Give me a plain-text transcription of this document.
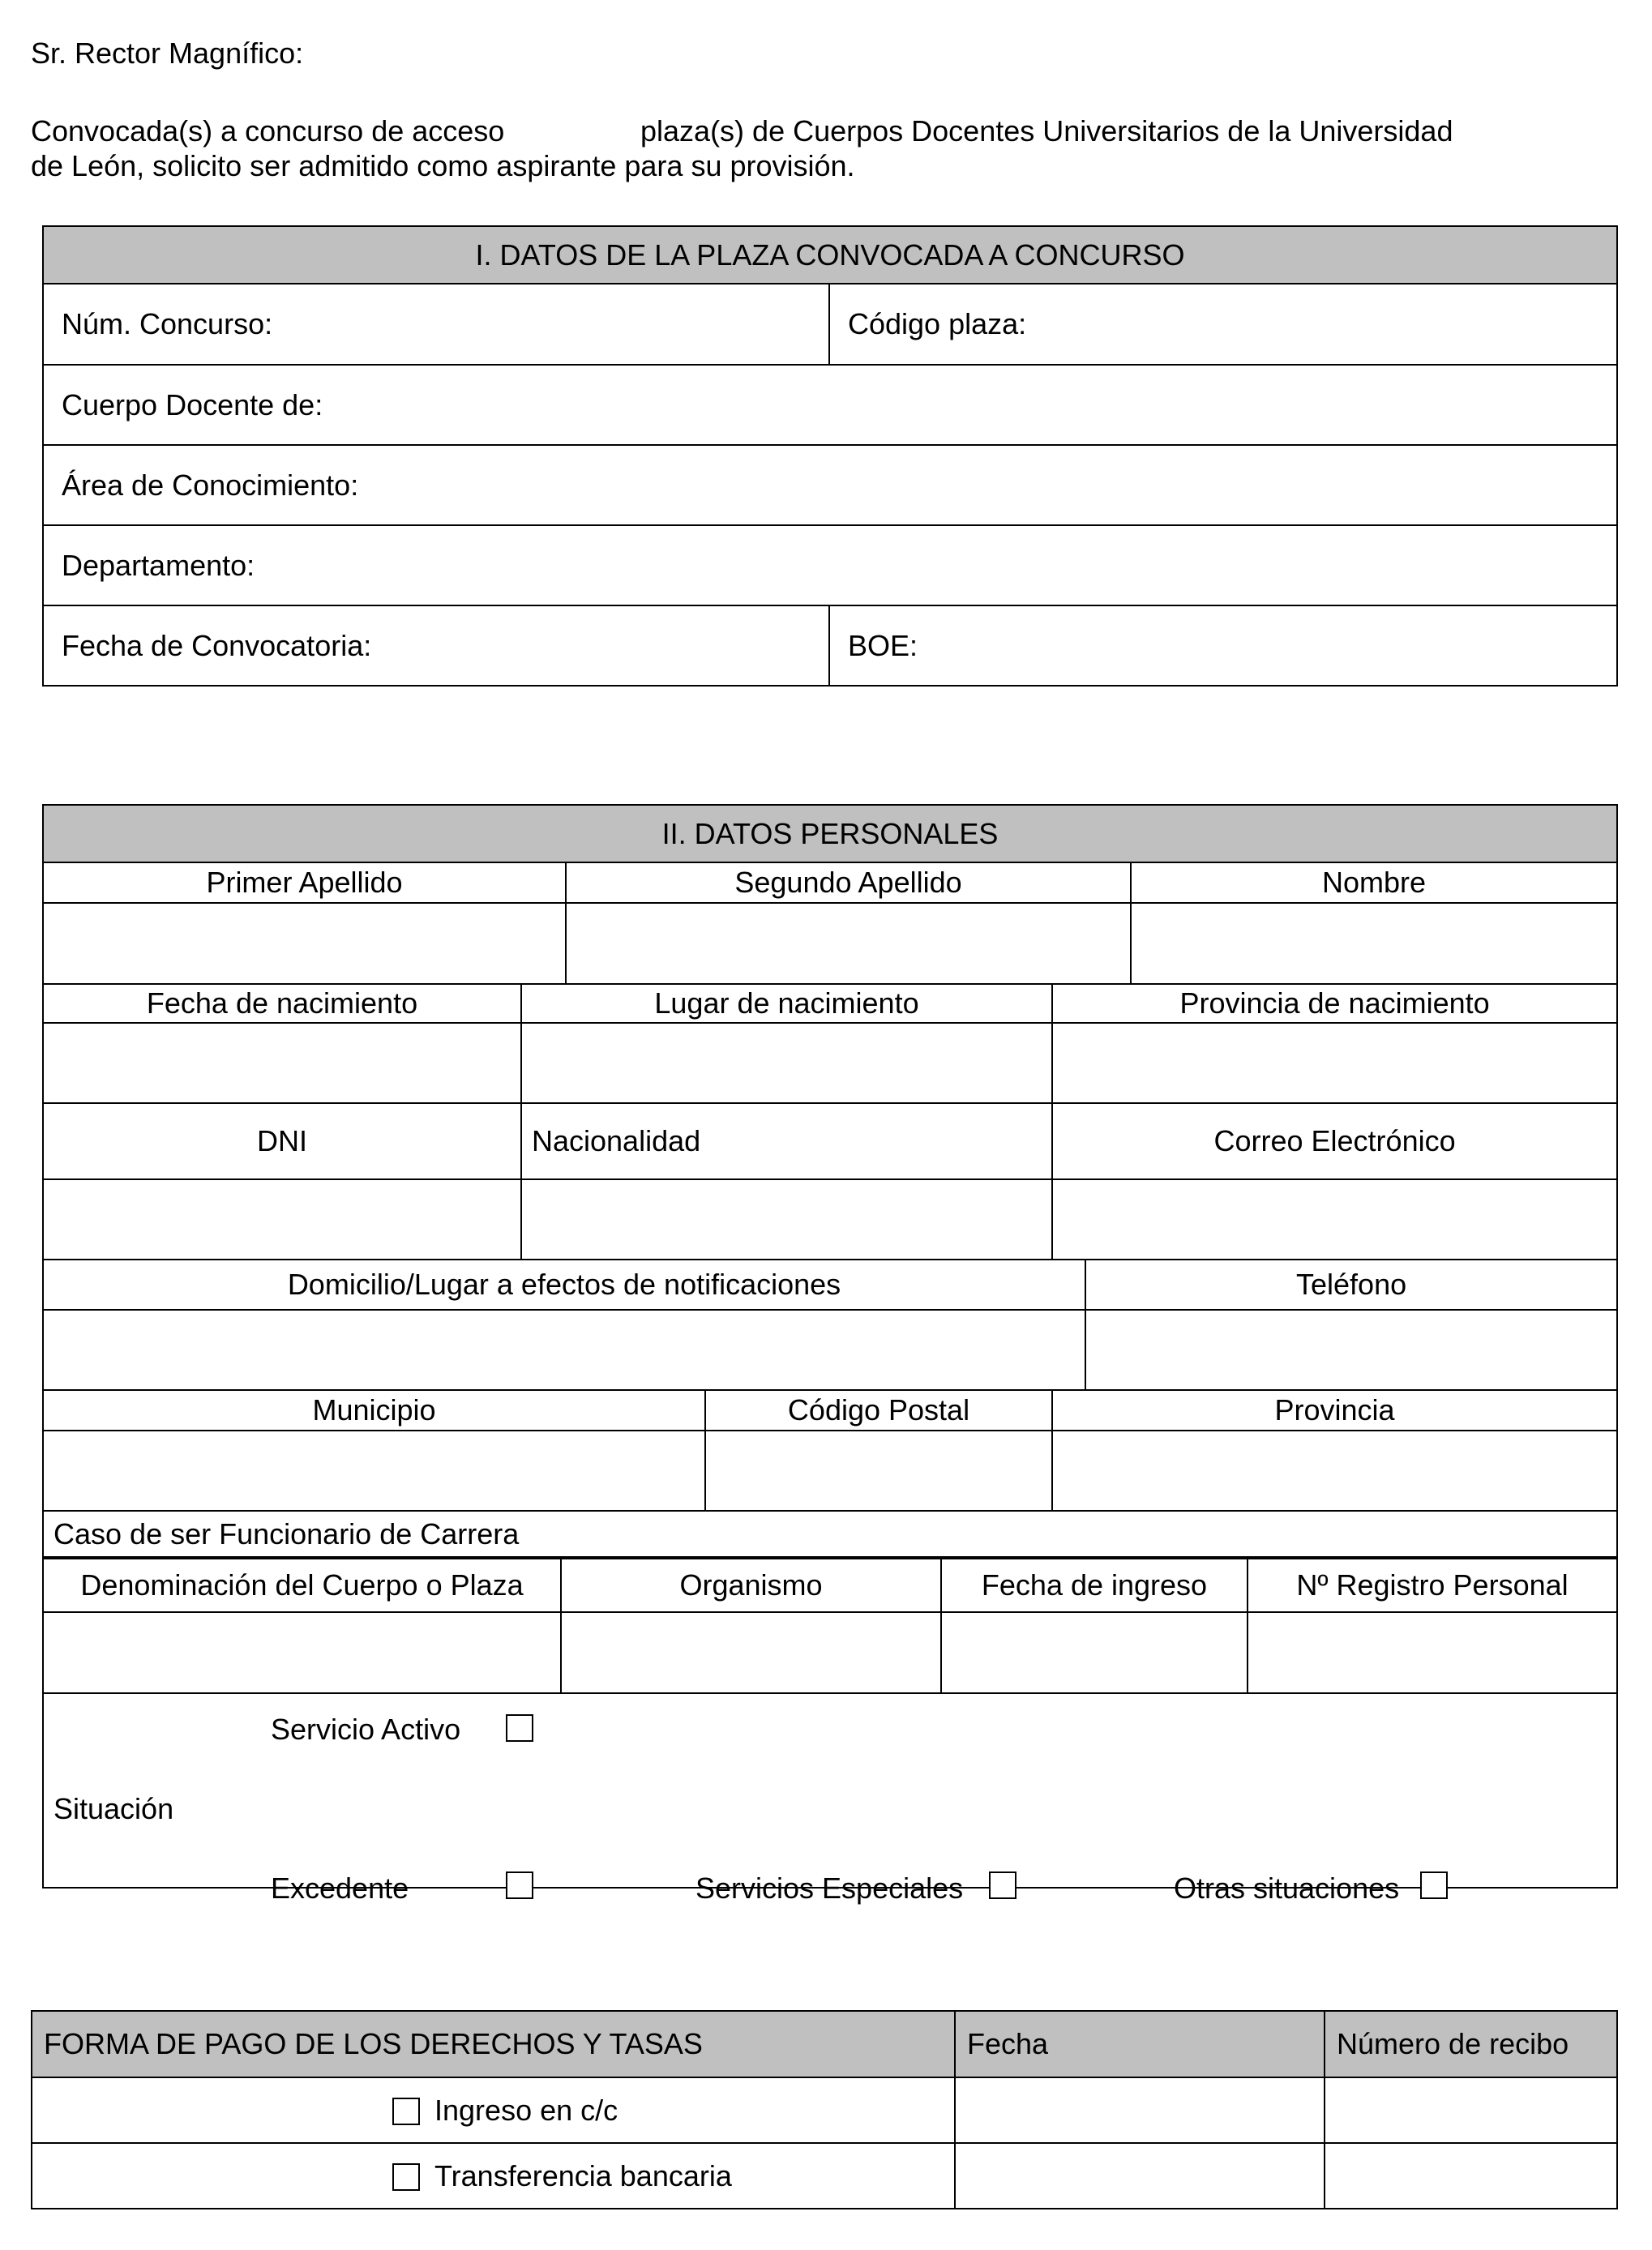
Sr. Rector Magnífico:
Convocada(s) a concurso de acceso	plaza(s) de Cuerpos Docentes Universitarios de la Universidad
de León, solicito ser admitido como aspirante para su provisión.
I. DATOS DE LA PLAZA CONVOCADA A CONCURSO	
Núm. Concurso:	Código plaza:
Cuerpo Docente de:	
Área de Conocimiento:	
Departamento:	
Fecha de Convocatoria:	BOE:
II. DATOS PERSONALES						
Primer Apellido		Segundo Apellido				Nombre

Fecha de nacimiento	Lugar de nacimiento			Provincia de nacimiento		

DNI	Nacionalidad			Correo Electrónico		

Domicilio/Lugar a efectos de notificaciones					Teléfono	

Municipio			Código Postal	Provincia		

Caso de ser Funcionario de Carrera						
Denominación del Cuerpo o Plaza	Organismo	Fecha de ingreso	Nº Registro Personal

Servicio Activo
Situación
Excedente Servicios Especiales Otras situaciones			
FORMA DE PAGO DE LOS DERECHOS Y TASAS	Fecha	Número de recibo
Ingreso en c/c		
Transferencia bancaria		
